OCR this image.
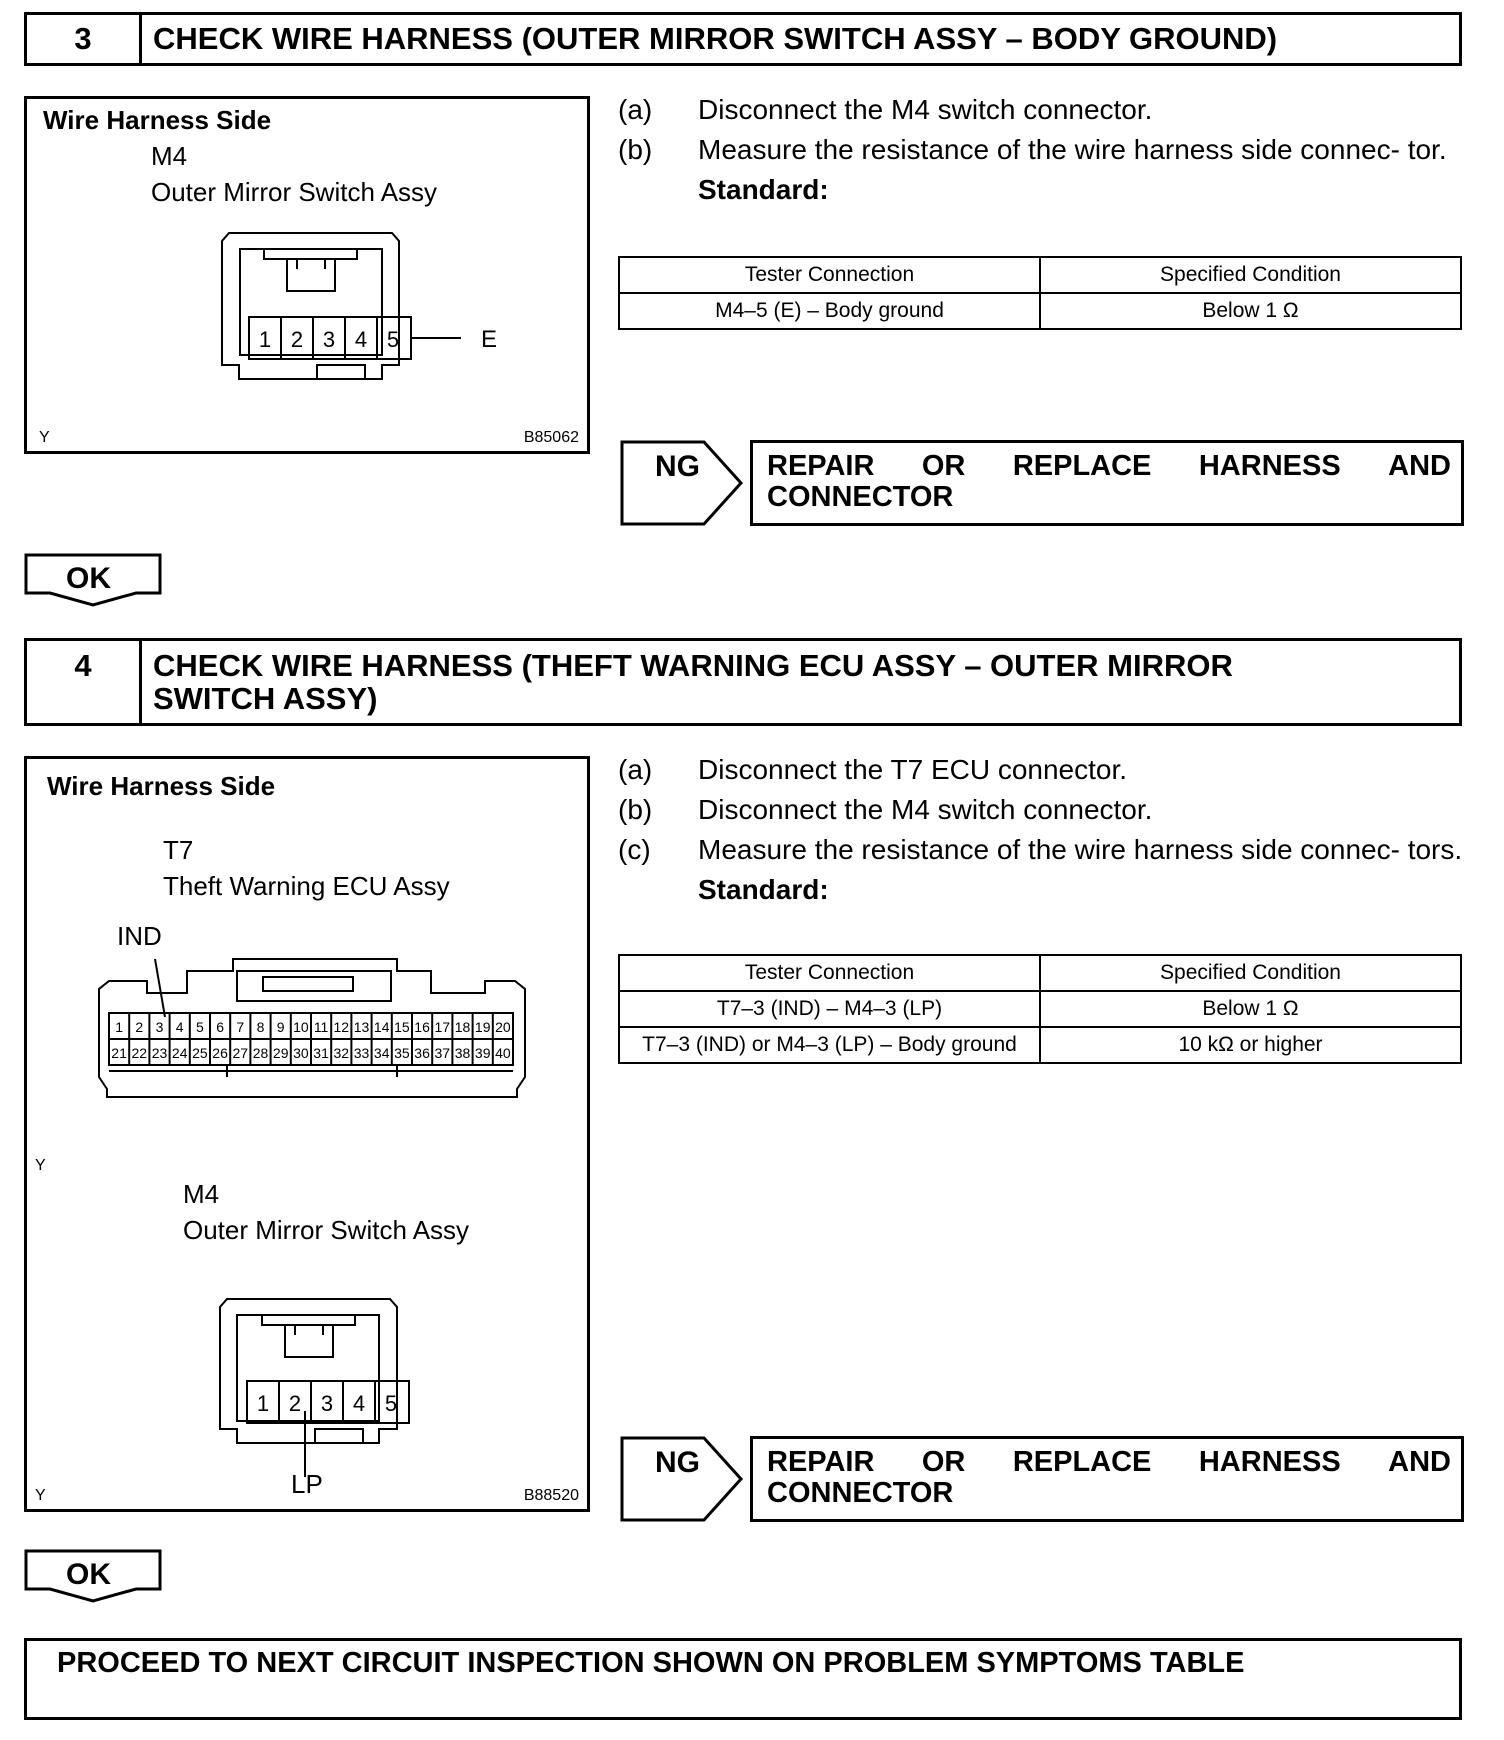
3	CHECK WIRE HARNESS (OUTER MIRROR SWITCH ASSY – BODY GROUND)
Wire Harness Side
M4
Outer Mirror Switch Assy
1 2 3 4 5	E
Y	B85062
(a) Disconnect the M4 switch connector.
(b) Measure the resistance of the wire harness side connec- tor.
Standard:
Tester Connection	Specified Condition
M4–5 (E) – Body ground	Below 1 Ω
NG REPAIR OR REPLACE HARNESS AND
CONNECTOR
OK
4	CHECK WIRE HARNESS (THEFT WARNING ECU ASSY – OUTER MIRROR
SWITCH ASSY)
Wire Harness Side
T7
Theft Warning ECU Assy
IND
1 2 3 4 5 6 7 8 9 10 11 12 13 14 15 16 17 18 19 20
21 22 23 24 25 26 27 28 29 30 31 32 33 34 35 36 37 38 39 40
Y
M4
Outer Mirror Switch Assy
1 2 3 4 5
LP
Y	B88520
(a) Disconnect the T7 ECU connector.
(b) Disconnect the M4 switch connector.
(c) Measure the resistance of the wire harness side connec- tors.
Standard:
Tester Connection	Specified Condition
T7–3 (IND) – M4–3 (LP)	Below 1 Ω
T7–3 (IND) or M4–3 (LP) – Body ground	10 kΩ or higher
NG REPAIR OR REPLACE HARNESS AND
CONNECTOR
OK
PROCEED TO NEXT CIRCUIT INSPECTION SHOWN ON PROBLEM SYMPTOMS TABLE
